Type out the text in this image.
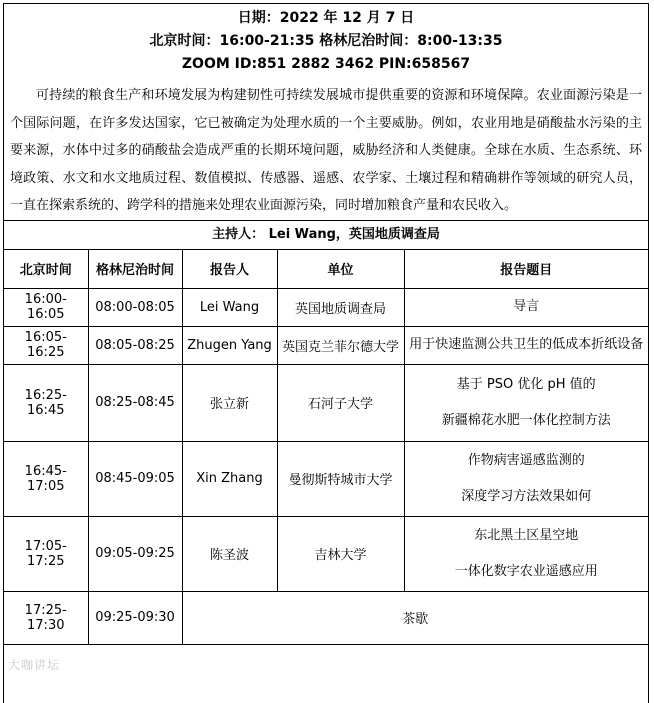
日期：2022 年 12 月 7 日
北京时间：16:00-21:35 格林尼治时间：8:00-13:35
ZOOM ID:851 2882 3462 PIN:658567

可持续的粮食生产和环境发展为构建韧性可持续发展城市提供重要的资源和环境保障。农业面源污染是一个国际问题，在许多发达国家，它已被确定为处理水质的一个主要威胁。例如，农业用地是硝酸盐水污染的主要来源，水体中过多的硝酸盐会造成严重的长期环境问题，威胁经济和人类健康。全球在水质、生态系统、环境政策、水文和水文地质过程、数值模拟、传感器、遥感、农学家、土壤过程和精确耕作等领域的研究人员，一直在探索系统的、跨学科的措施来处理农业面源污染，同时增加粮食产量和农民收入。

主持人： Lei Wang，英国地质调查局
北京时间	格林尼治时间	报告人	单位	报告题目
16:00-16:05	08:00-08:05	Lei Wang	英国地质调查局	导言

16:05-16:25	08:05-08:25	Zhugen Yang	英国克兰菲尔德大学	用于快速监测公共卫生的低成本折纸设备

16:25-16:45	08:25-08:45	张立新	石河子大学	基于 PSO 优化 pH 值的
新疆棉花水肥一体化控制方法

16:45-17:05	08:45-09:05	Xin Zhang	曼彻斯特城市大学	作物病害遥感监测的
深度学习方法效果如何

17:05-17:25	09:05-09:25	陈圣波	吉林大学	东北黑土区星空地
一体化数字农业遥感应用

17:25-17:30	09:25-09:30	茶歇		
大咖讲坛
